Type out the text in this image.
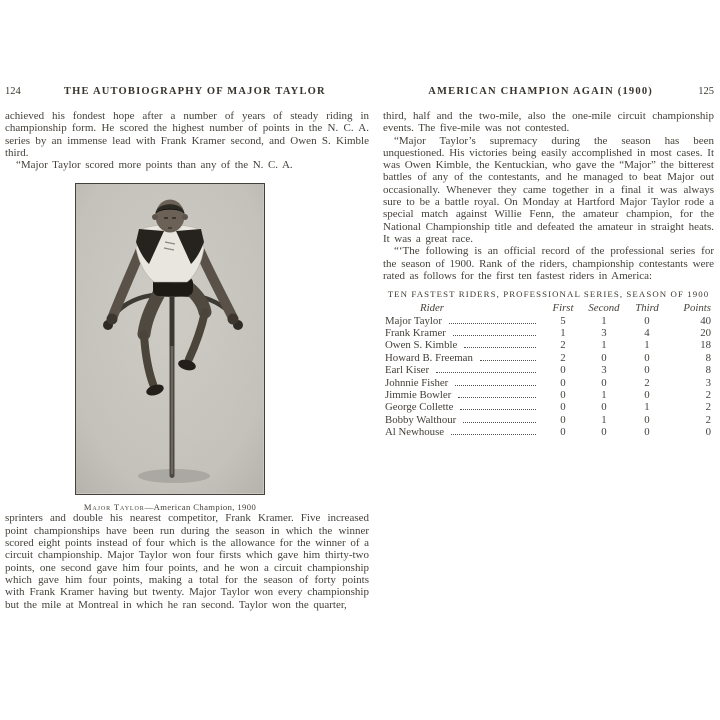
124	THE AUTOBIOGRAPHY OF MAJOR TAYLOR

achieved his fondest hope after a number of years of steady riding in championship form. He scored the highest number of points in the N. C. A. series by an immense lead with Frank Kramer second, and Owen S. Kimble third.

“Major Taylor scored more points than any of the N. C. A.

Major Taylor—American Champion, 1900

sprinters and double his nearest competitor, Frank Kramer. Five increased point championships have been run during the season in which the winner scored eight points instead of four which is the allowance for the winner of a circuit championship. Major Taylor won four firsts which gave him thirty-two points, one second gave him four points, and he won a circuit championship which gave him four points, making a total for the season of forty points with Frank Kramer having but twenty. Major Taylor won every championship but the mile at Montreal in which he ran second. Taylor won the quarter,

AMERICAN CHAMPION AGAIN (1900)	125

third, half and the two-mile, also the one-mile circuit championship events. The five-mile was not contested.

“Major Taylor’s supremacy during the season has been unquestioned. His victories being easily accomplished in most cases. It was Owen Kimble, the Kentuckian, who gave the “Major” the bitterest battles of any of the contestants, and he managed to beat Major out occasionally. Whenever they came together in a final it was always sure to be a battle royal. On Monday at Hartford Major Taylor rode a special match against Willie Fenn, the amateur champion, for the National Championship title and defeated the amateur in straight heats. It was a great race.

“‘The following is an official record of the professional series for the season of 1900. Rank of the riders, championship contestants were rated as follows for the first ten fastest riders in America:

TEN FASTEST RIDERS, PROFESSIONAL SERIES, SEASON OF 1900
Rider	First	Second	Third	Points
Major Taylor	5	1	0	40
Frank Kramer	1	3	4	20
Owen S. Kimble	2	1	1	18
Howard B. Freeman	2	0	0	8
Earl Kiser	0	3	0	8
Johnnie Fisher	0	0	2	3
Jimmie Bowler	0	1	0	2
George Collette	0	0	1	2
Bobby Walthour	0	1	0	2
Al Newhouse	0	0	0	0
